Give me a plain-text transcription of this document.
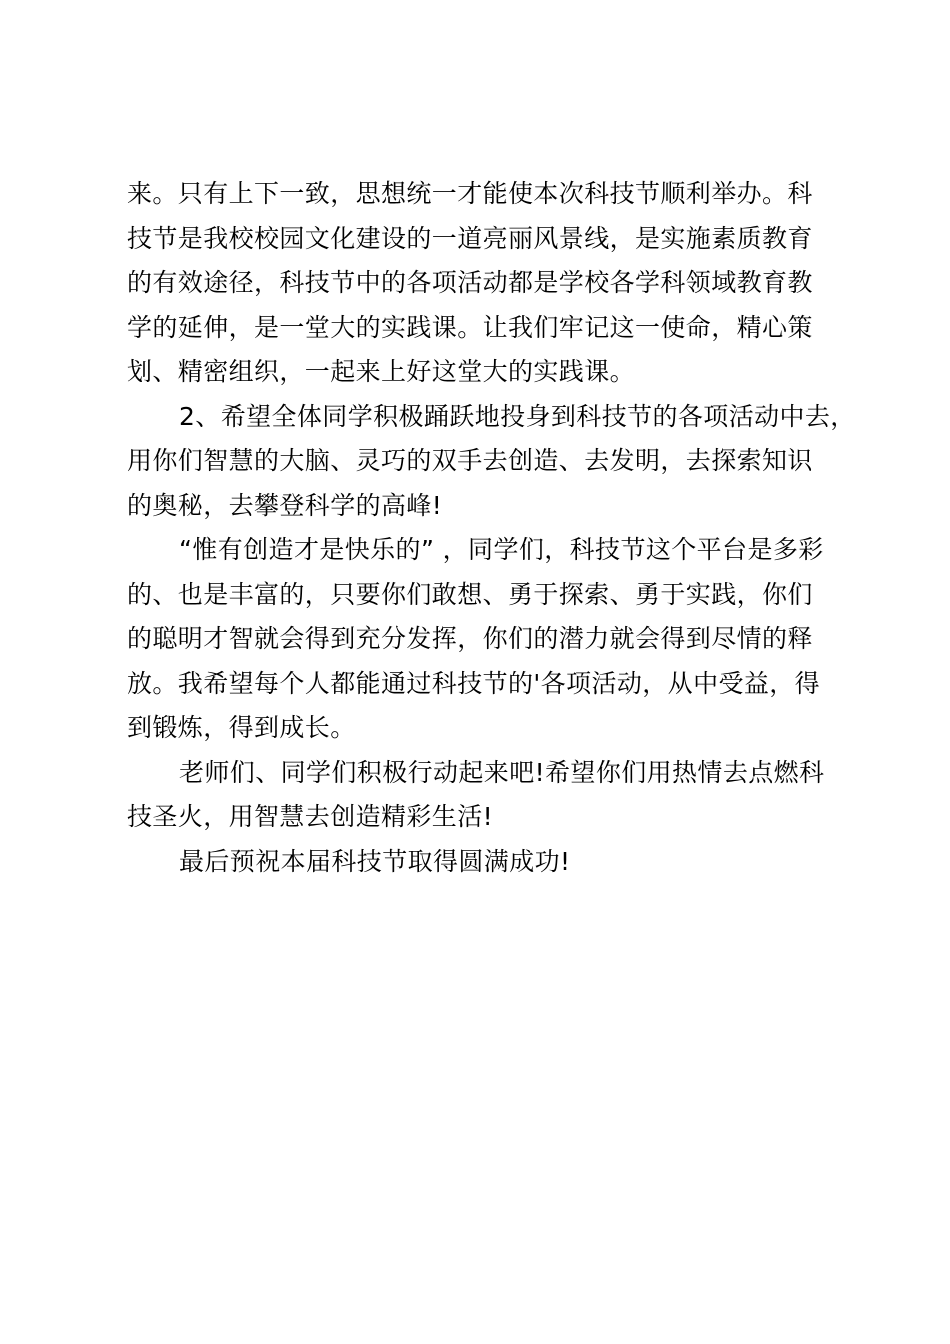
来。只有上下一致，思想统一才能使本次科技节顺利举办。科
技节是我校校园文化建设的一道亮丽风景线，是实施素质教育
的有效途径，科技节中的各项活动都是学校各学科领域教育教
学的延伸，是一堂大的实践课。让我们牢记这一使命，精心策
划、精密组织，一起来上好这堂大的实践课。
2、希望全体同学积极踊跃地投身到科技节的各项活动中去，
用你们智慧的大脑、灵巧的双手去创造、去发明，去探索知识
的奥秘，去攀登科学的高峰!
“惟有创造才是快乐的” ，同学们，科技节这个平台是多彩
的、也是丰富的，只要你们敢想、勇于探索、勇于实践，你们
的聪明才智就会得到充分发挥，你们的潜力就会得到尽情的释
放。我希望每个人都能通过科技节的'各项活动，从中受益，得
到锻炼，得到成长。
老师们、同学们积极行动起来吧!希望你们用热情去点燃科
技圣火，用智慧去创造精彩生活!
最后预祝本届科技节取得圆满成功!
